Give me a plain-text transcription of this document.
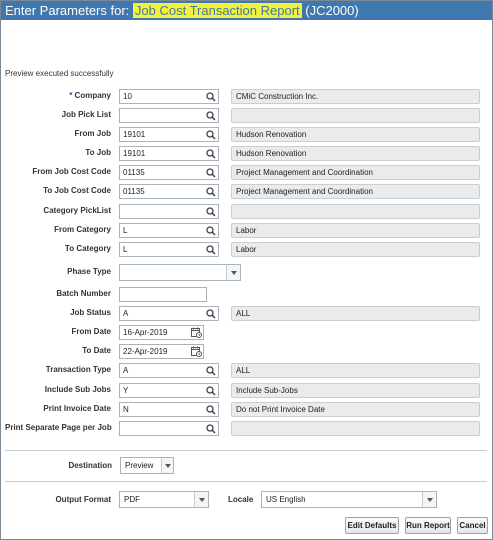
Enter Parameters for: Job Cost Transaction Report (JC2000)
Preview executed successfully
* Company	10	CMiC Construction Inc.
Job Pick List
From Job	19101	Hudson Renovation
To Job	19101	Hudson Renovation
From Job Cost Code	01135	Project Management and Coordination
To Job Cost Code	01135	Project Management and Coordination
Category PickList
From Category	L	Labor
To Category	L	Labor
Phase Type
Batch Number
Job Status	A	ALL
From Date	16-Apr-2019
To Date	22-Apr-2019
Transaction Type	A	ALL
Include Sub Jobs	Y	Include Sub-Jobs
Print Invoice Date	N	Do not Print Invoice Date
Print Separate Page per Job
Destination	Preview
Output Format	PDF	Locale	US English
Edit Defaults	Run Report Cancel
